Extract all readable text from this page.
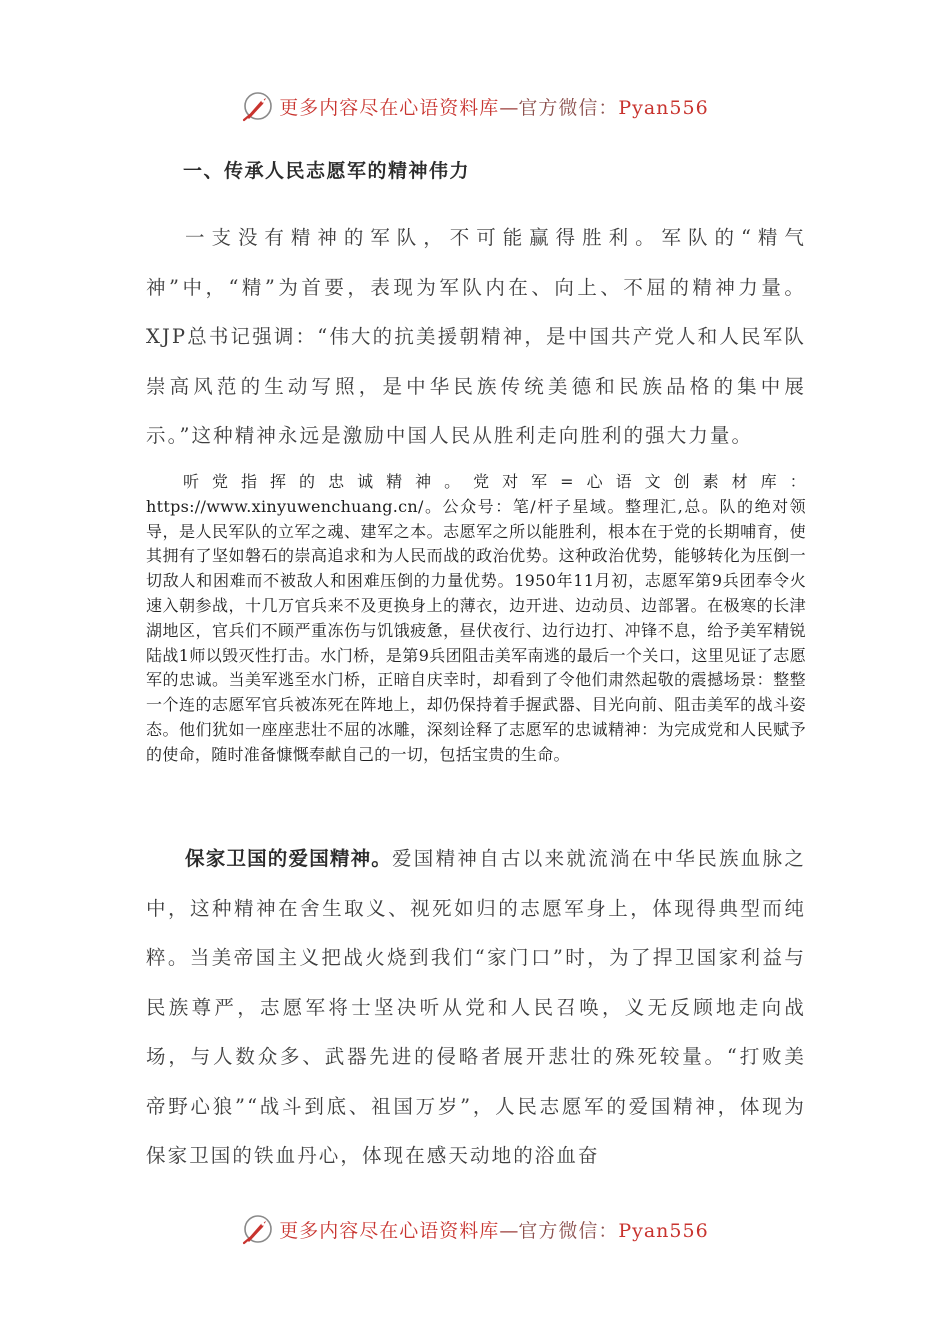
更多内容尽在心语资料库—官方微信：Pyan556
一、传承人民志愿军的精神伟力

一支没有精神的军队，不可能赢得胜利。军队的“精气神”中，“精”为首要，表现为军队内在、向上、不屈的精神力量。XJP总书记强调：“伟大的抗美援朝精神，是中国共产党人和人民军队崇高风范的生动写照，是中华民族传统美德和民族品格的集中展示。”这种精神永远是激励中国人民从胜利走向胜利的强大力量。

听党指挥的忠诚精神。党对军=心语文创素材库：https://www.xinyuwenchuang.cn/。公众号：笔/杆子星域。整理汇,总。队的绝对领导，是人民军队的立军之魂、建军之本。志愿军之所以能胜利，根本在于党的长期哺育，使其拥有了坚如磐石的崇高追求和为人民而战的政治优势。这种政治优势，能够转化为压倒一切敌人和困难而不被敌人和困难压倒的力量优势。1950年11月初，志愿军第9兵团奉令火速入朝参战，十几万官兵来不及更换身上的薄衣，边开进、边动员、边部署。在极寒的长津湖地区，官兵们不顾严重冻伤与饥饿疲惫，昼伏夜行、边行边打、冲锋不息，给予美军精锐陆战1师以毁灭性打击。水门桥，是第9兵团阻击美军南逃的最后一个关口，这里见证了志愿军的忠诚。当美军逃至水门桥，正暗自庆幸时，却看到了令他们肃然起敬的震撼场景：整整一个连的志愿军官兵被冻死在阵地上，却仍保持着手握武器、目光向前、阻击美军的战斗姿态。他们犹如一座座悲壮不屈的冰雕，深刻诠释了志愿军的忠诚精神：为完成党和人民赋予的使命，随时准备慷慨奉献自己的一切，包括宝贵的生命。

保家卫国的爱国精神。爱国精神自古以来就流淌在中华民族血脉之中，这种精神在舍生取义、视死如归的志愿军身上，体现得典型而纯粹。当美帝国主义把战火烧到我们“家门口”时，为了捍卫国家利益与民族尊严，志愿军将士坚决听从党和人民召唤，义无反顾地走向战场，与人数众多、武器先进的侵略者展开悲壮的殊死较量。“打败美帝野心狼”“战斗到底、祖国万岁”，人民志愿军的爱国精神，体现为保家卫国的铁血丹心，体现在感天动地的浴血奋

更多内容尽在心语资料库—官方微信：Pyan556
